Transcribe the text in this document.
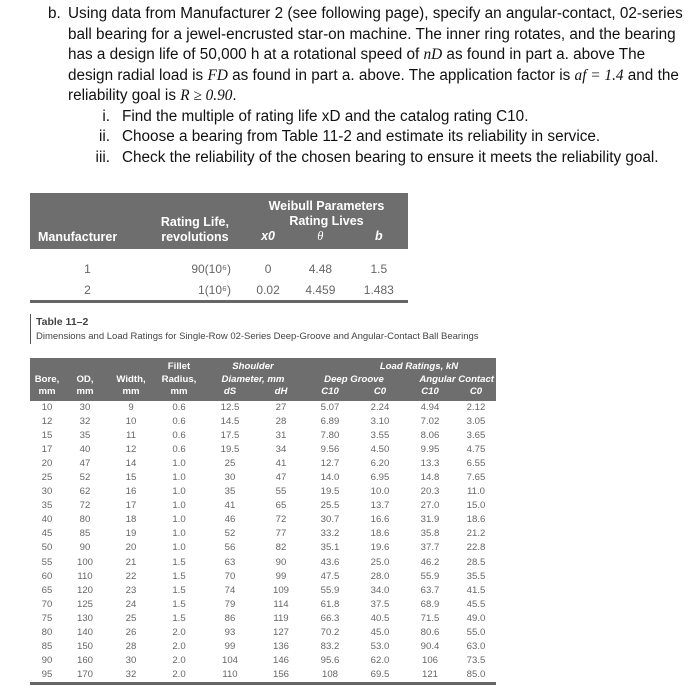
b. Using data from Manufacturer 2 (see following page), specify an angular-contact, 02-series ball bearing for a jewel-encrusted star-on machine. The inner ring rotates, and the bearing has a design life of 50,000 h at a rotational speed of nD as found in part a. above The design radial load is FD as found in part a. above. The application factor is af = 1.4 and the reliability goal is R ≥ 0.90.
i. Find the multiple of rating life xD and the catalog rating C10.
ii. Choose a bearing from Table 11-2 and estimate its reliability in service.
iii. Check the reliability of the chosen bearing to ensure it meets the reliability goal.
Manufacturer	Rating Life,
revolutions	Weibull Parameters		
		Rating Lives		
		x0	θ	b

1	90(10⁶)	0	4.48	1.5
2	1(10⁶)	0.02	4.459	1.483

Table 11–2
Dimensions and Load Ratings for Single-Row 02-Series Deep-Groove and Angular-Contact Ball Bearings
Bore,	OD,	Width,	Fillet	Shoulder		Load Ratings, kN			
			Radius,	Diameter, mm		Deep Groove		Angular Contact	
mm	mm	mm	mm	dS	dH	C10	C0	C10	C0
10	30	9	0.6	12.5	27	5.07	2.24	4.94	2.12
12	32	10	0.6	14.5	28	6.89	3.10	7.02	3.05
15	35	11	0.6	17.5	31	7.80	3.55	8.06	3.65
17	40	12	0.6	19.5	34	9.56	4.50	9.95	4.75
20	47	14	1.0	25	41	12.7	6.20	13.3	6.55
25	52	15	1.0	30	47	14.0	6.95	14.8	7.65
30	62	16	1.0	35	55	19.5	10.0	20.3	11.0
35	72	17	1.0	41	65	25.5	13.7	27.0	15.0
40	80	18	1.0	46	72	30.7	16.6	31.9	18.6
45	85	19	1.0	52	77	33.2	18.6	35.8	21.2
50	90	20	1.0	56	82	35.1	19.6	37.7	22.8
55	100	21	1.5	63	90	43.6	25.0	46.2	28.5
60	110	22	1.5	70	99	47.5	28.0	55.9	35.5
65	120	23	1.5	74	109	55.9	34.0	63.7	41.5
70	125	24	1.5	79	114	61.8	37.5	68.9	45.5
75	130	25	1.5	86	119	66.3	40.5	71.5	49.0
80	140	26	2.0	93	127	70.2	45.0	80.6	55.0
85	150	28	2.0	99	136	83.2	53.0	90.4	63.0
90	160	30	2.0	104	146	95.6	62.0	106	73.5
95	170	32	2.0	110	156	108	69.5	121	85.0
